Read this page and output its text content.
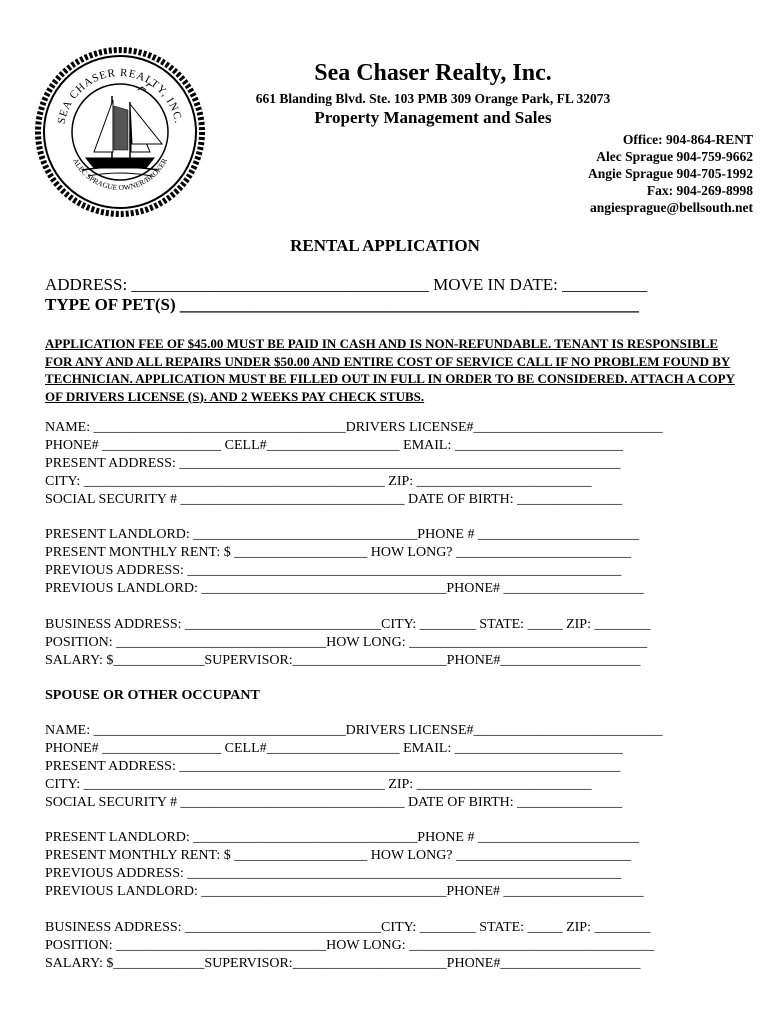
SEA CHASER REALTY, INC.
ALEC SPRAGUE OWNER/BROKER
Sea Chaser Realty, Inc.
661 Blanding Blvd. Ste. 103 PMB 309 Orange Park, FL 32073
Property Management and Sales
Office: 904-864-RENT
Alec Sprague 904-759-9662
Angie Sprague 904-705-1992
Fax: 904-269-8998
angiesprague@bellsouth.net
RENTAL APPLICATION
ADDRESS: ___________________________________ MOVE IN DATE: __________
TYPE OF PET(S) ______________________________________________________
APPLICATION FEE OF $45.00 MUST BE PAID IN CASH AND IS NON-REFUNDABLE. TENANT IS RESPONSIBLE FOR ANY AND ALL REPAIRS UNDER $50.00 AND ENTIRE COST OF SERVICE CALL IF NO PROBLEM FOUND BY TECHNICIAN. APPLICATION MUST BE FILLED OUT IN FULL IN ORDER TO BE CONSIDERED. ATTACH A COPY OF DRIVERS LICENSE (S). AND 2 WEEKS PAY CHECK STUBS.
NAME: ____________________________________DRIVERS LICENSE#___________________________
PHONE# _________________ CELL#___________________ EMAIL: ________________________
PRESENT ADDRESS: _______________________________________________________________
CITY: ___________________________________________ ZIP: _________________________
SOCIAL SECURITY # ________________________________ DATE OF BIRTH: _______________
PRESENT LANDLORD: ________________________________PHONE # _______________________
PRESENT MONTHLY RENT: $ ___________________ HOW LONG? _________________________
PREVIOUS ADDRESS: ______________________________________________________________
PREVIOUS LANDLORD: ___________________________________PHONE# ____________________
BUSINESS ADDRESS: ____________________________CITY: ________ STATE: _____ ZIP: ________
POSITION: ______________________________HOW LONG: __________________________________
SALARY: $_____________SUPERVISOR:______________________PHONE#____________________
SPOUSE OR OTHER OCCUPANT
NAME: ____________________________________DRIVERS LICENSE#___________________________
PHONE# _________________ CELL#___________________ EMAIL: ________________________
PRESENT ADDRESS: _______________________________________________________________
CITY: ___________________________________________ ZIP: _________________________
SOCIAL SECURITY # ________________________________ DATE OF BIRTH: _______________
PRESENT LANDLORD: ________________________________PHONE # _______________________
PRESENT MONTHLY RENT: $ ___________________ HOW LONG? _________________________
PREVIOUS ADDRESS: ______________________________________________________________
PREVIOUS LANDLORD: ___________________________________PHONE# ____________________
BUSINESS ADDRESS: ____________________________CITY: ________ STATE: _____ ZIP: ________
POSITION: ______________________________HOW LONG: ___________________________________
SALARY: $_____________SUPERVISOR:______________________PHONE#____________________
